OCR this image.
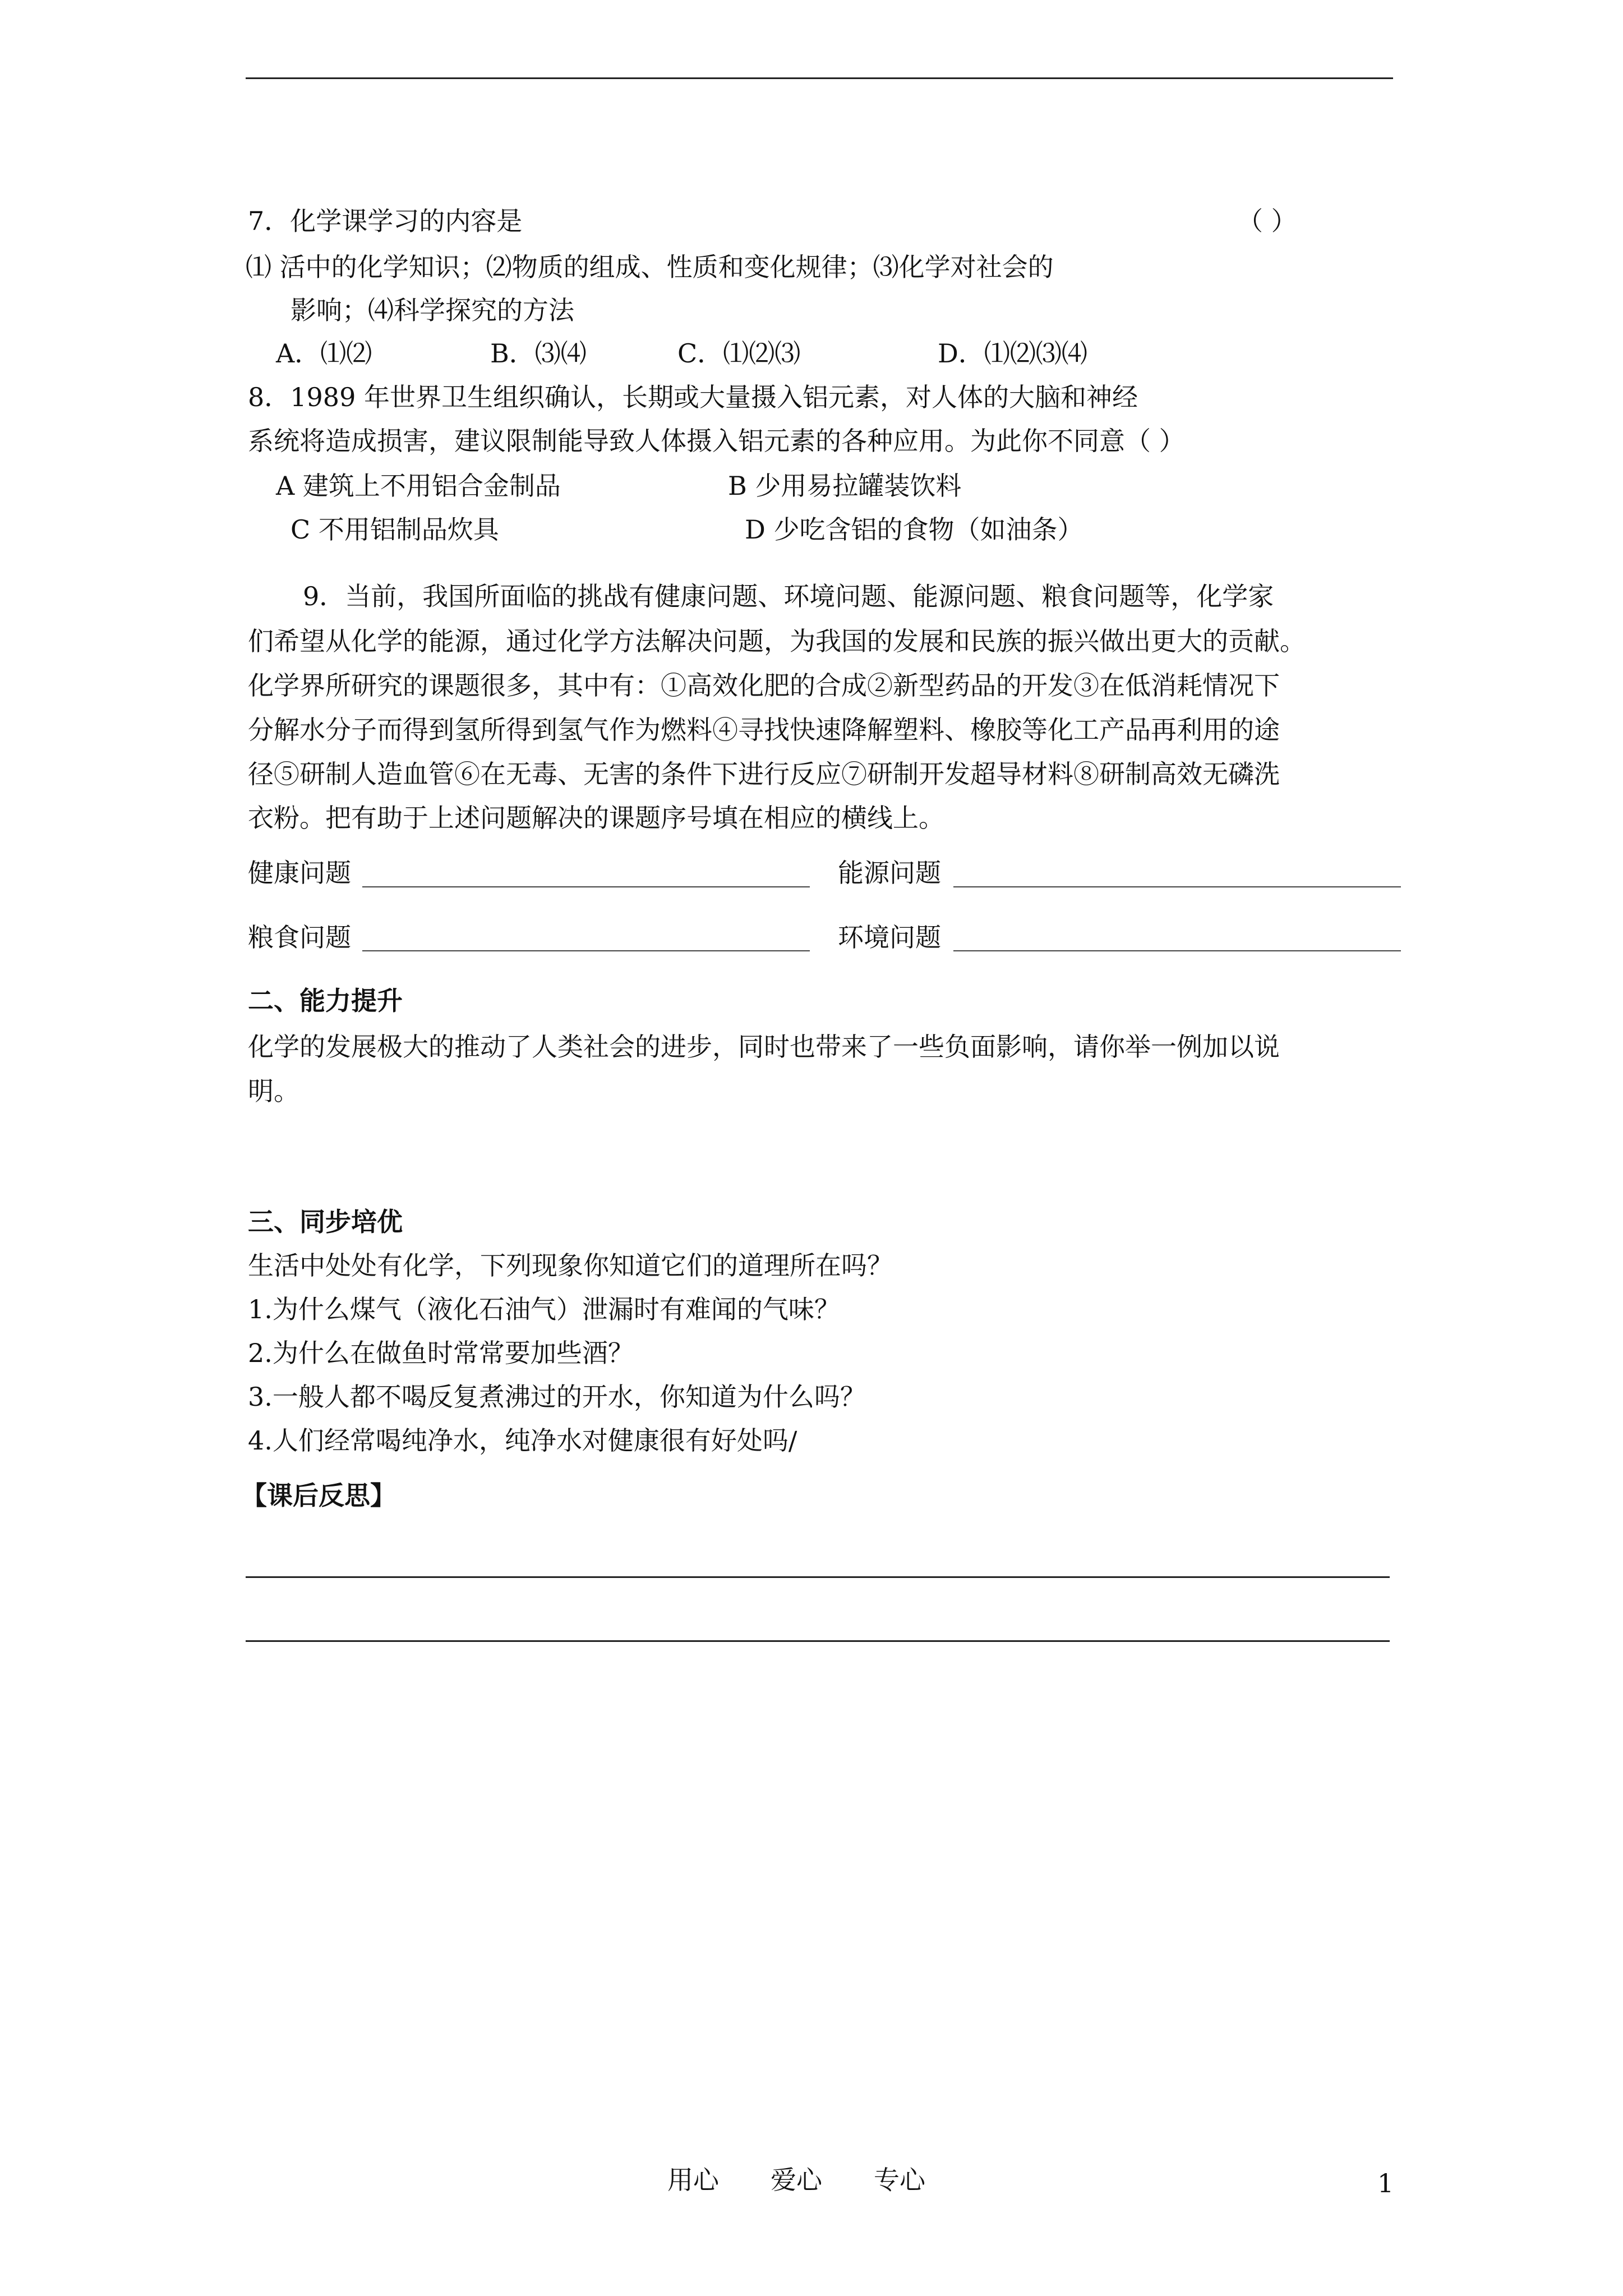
7．化学课学习的内容是	（ ）
⑴ 活中的化学知识；⑵物质的组成、性质和变化规律；⑶化学对社会的
影响；⑷科学探究的方法
A．⑴⑵	B．⑶⑷	C．⑴⑵⑶	D．⑴⑵⑶⑷
8．1989 年世界卫生组织确认，长期或大量摄入铝元素，对人体的大脑和神经
系统将造成损害，建议限制能导致人体摄入铝元素的各种应用。为此你不同意（ ）
A 建筑上不用铝合金制品	B 少用易拉罐装饮料
C 不用铝制品炊具	D 少吃含铝的食物（如油条）
9．当前，我国所面临的挑战有健康问题、环境问题、能源问题、粮食问题等，化学家
们希望从化学的能源，通过化学方法解决问题，为我国的发展和民族的振兴做出更大的贡献。
化学界所研究的课题很多，其中有：①高效化肥的合成②新型药品的开发③在低消耗情况下
分解水分子而得到氢所得到氢气作为燃料④寻找快速降解塑料、橡胶等化工产品再利用的途
径⑤研制人造血管⑥在无毒、无害的条件下进行反应⑦研制开发超导材料⑧研制高效无磷洗
衣粉。把有助于上述问题解决的课题序号填在相应的横线上。
健康问题	能源问题
粮食问题	环境问题
二、能力提升
化学的发展极大的推动了人类社会的进步，同时也带来了一些负面影响，请你举一例加以说
明。
三、同步培优
生活中处处有化学，下列现象你知道它们的道理所在吗？
1.为什么煤气（液化石油气）泄漏时有难闻的气味？
2.为什么在做鱼时常常要加些酒？
3.一般人都不喝反复煮沸过的开水，你知道为什么吗？
4.人们经常喝纯净水，纯净水对健康很有好处吗/
【课后反思】
用心　　爱心　　专心	1
